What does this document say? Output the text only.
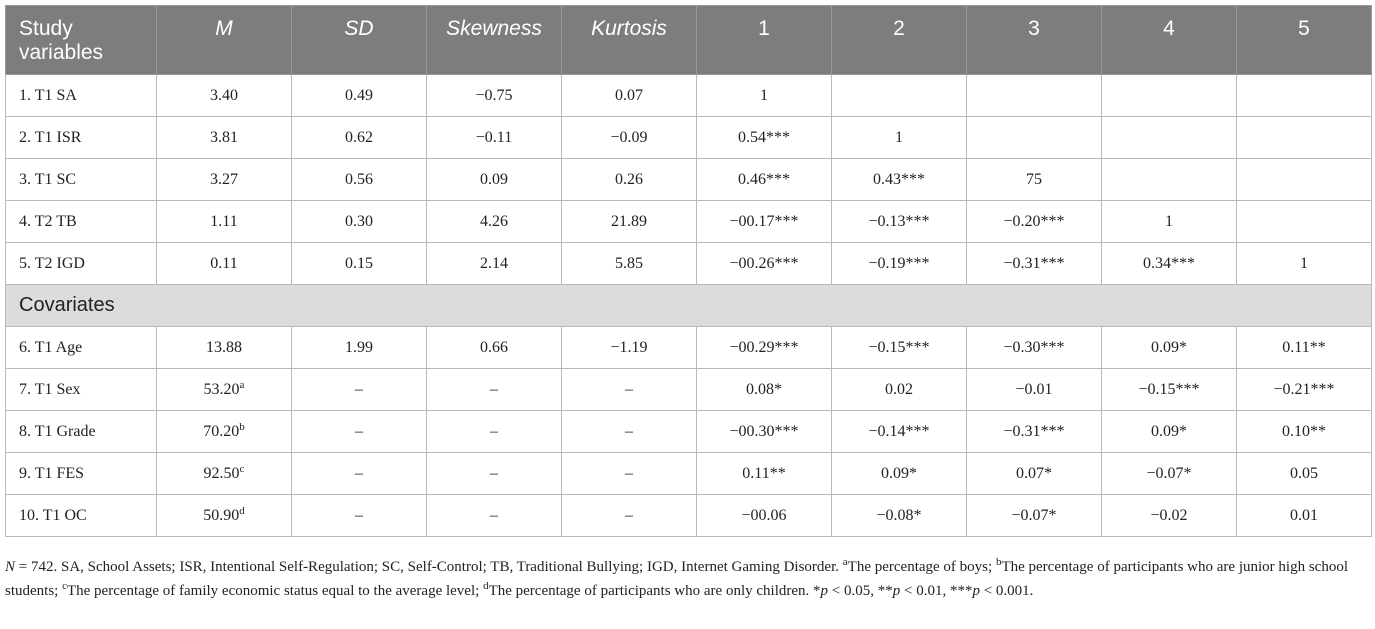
Study variables	M	SD	Skewness	Kurtosis	1	2	3	4	5

1. T1 SA	3.40	0.49	−0.75	0.07	1				
2. T1 ISR	3.81	0.62	−0.11	−0.09	0.54***	1			
3. T1 SC	3.27	0.56	0.09	0.26	0.46***	0.43***	75		
4. T2 TB	1.11	0.30	4.26	21.89	−00.17***	−0.13***	−0.20***	1	
5. T2 IGD	0.11	0.15	2.14	5.85	−00.26***	−0.19***	−0.31***	0.34***	1
Covariates									
6. T1 Age	13.88	1.99	0.66	−1.19	−00.29***	−0.15***	−0.30***	0.09*	0.11**
7. T1 Sex	53.20$^a$	–	–	–	0.08*	0.02	−0.01	−0.15***	−0.21***
8. T1 Grade	70.20$^b$	–	–	–	−00.30***	−0.14***	−0.31***	0.09*	0.10**
9. T1 FES	92.50$^c$	–	–	–	0.11**	0.09*	0.07*	−0.07*	0.05
10. T1 OC	50.90$^d$	–	–	–	−00.06	−0.08*	−0.07*	−0.02	0.01
N = 742. SA, School Assets; ISR, Intentional Self-Regulation; SC, Self-Control; TB, Traditional Bullying; IGD, Internet Gaming Disorder. $^a$The percentage of boys; $^b$The percentage of participants who are junior high school students; $^c$The percentage of family economic status equal to the average level; $^d$The percentage of participants who are only children. *p < 0.05, **p < 0.01, ***p < 0.001.
